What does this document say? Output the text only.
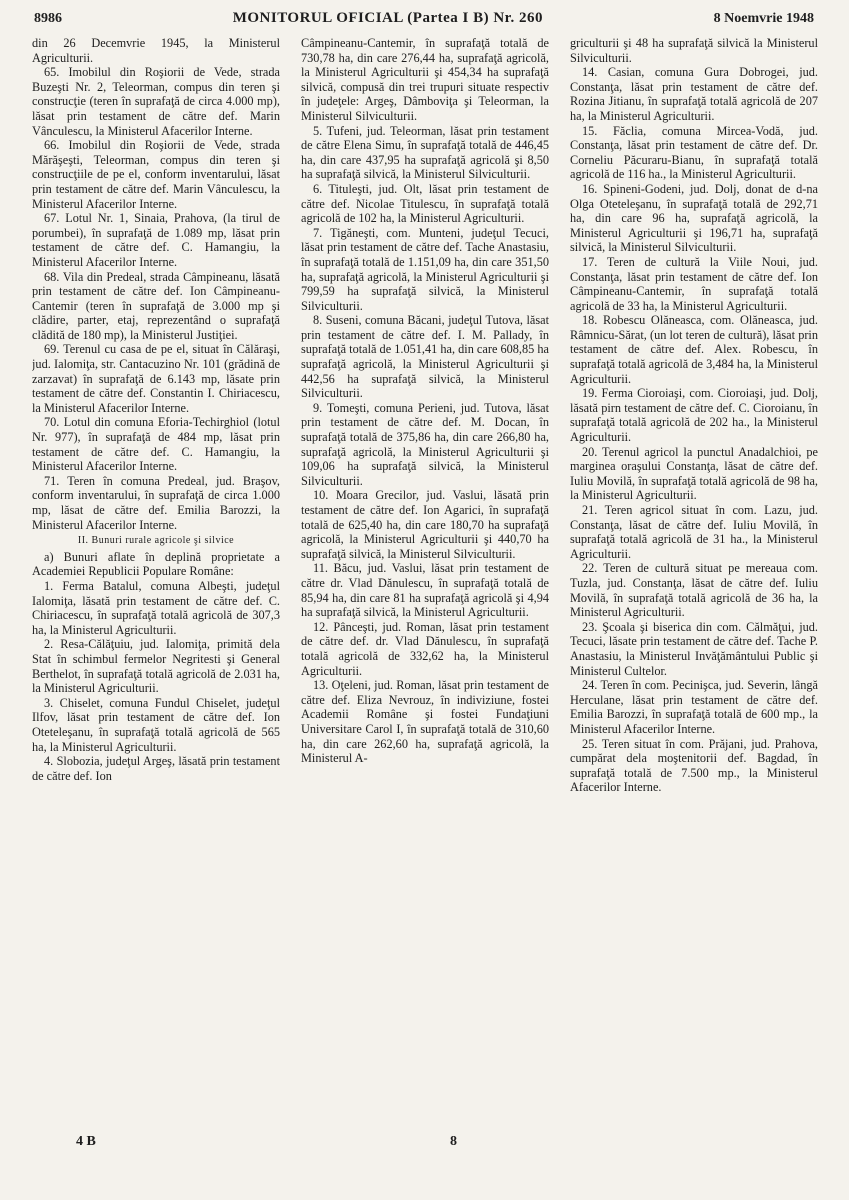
8986	MONITORUL OFICIAL (Partea I B) Nr. 260	8 Noemvrie 1948

din 26 Decemvrie 1945, la Ministerul Agriculturii.

65. Imobilul din Roşiorii de Vede, strada Buzeşti Nr. 2, Teleorman, compus din teren şi construcţie (teren în suprafaţă de circa 4.000 mp), lăsat prin testament de către def. Marin Vânculescu, la Ministerul Afacerilor Interne.

66. Imobilul din Roşiorii de Vede, strada Mărăşeşti, Teleorman, compus din teren şi construcţiile de pe el, conform inventarului, lăsat prin testament de către def. Marin Vânculescu, la Ministerul Afacerilor Interne.

67. Lotul Nr. 1, Sinaia, Prahova, (la tirul de porumbei), în suprafaţă de 1.089 mp, lăsat prin testament de către def. C. Hamangiu, la Ministerul Afacerilor Interne.

68. Vila din Predeal, strada Câmpineanu, lăsată prin testament de către def. Ion Câmpineanu-Cantemir (teren în suprafaţă de 3.000 mp şi clădire, parter, etaj, reprezentând o suprafaţă clădită de 180 mp), la Ministerul Justiţiei.

69. Terenul cu casa de pe el, situat în Călăraşi, jud. Ialomiţa, str. Cantacuzino Nr. 101 (grădină de zarzavat) în suprafaţă de 6.143 mp, lăsate prin testament de către def. Constantin I. Chiriacescu, la Ministerul Afacerilor Interne.

70. Lotul din comuna Eforia-Techirghiol (lotul Nr. 977), în suprafaţă de 484 mp, lăsat prin testament de către def. C. Hamangiu, la Ministerul Afacerilor Interne.

71. Teren în comuna Predeal, jud. Braşov, conform inventarului, în suprafaţă de circa 1.000 mp, lăsat de către def. Emilia Barozzi, la Ministerul Afacerilor Interne.

II. Bunuri rurale agricole şi silvice

a) Bunuri aflate în deplină proprietate a Academiei Republicii Populare Române:

1. Ferma Batalul, comuna Albeşti, judeţul Ialomiţa, lăsată prin testament de către def. C. Chiriacescu, în suprafaţă totală agricolă de 307,3 ha, la Ministerul Agriculturii.

2. Resa-Călăţuiu, jud. Ialomiţa, primită dela Stat în schimbul fermelor Negritesti şi General Berthelot, în suprafaţă totală agricolă de 2.031 ha, la Ministerul Agriculturii.

3. Chiselet, comuna Fundul Chiselet, judeţul Ilfov, lăsat prin testament de către def. Ion Oteteleşanu, în suprafaţă totală agricolă de 565 ha, la Ministerul Agriculturii.

4. Slobozia, judeţul Argeş, lăsată prin testament de către def. Ion

Câmpineanu-Cantemir, în suprafaţă totală de 730,78 ha, din care 276,44 ha, suprafaţă agricolă, la Ministerul Agriculturii şi 454,34 ha suprafaţă silvică, compusă din trei trupuri situate respectiv în judeţele: Argeş, Dâmboviţa şi Teleorman, la Ministerul Silviculturii.

5. Tufeni, jud. Teleorman, lăsat prin testament de către Elena Simu, în suprafaţă totală de 446,45 ha, din care 437,95 ha suprafaţă agricolă şi 8,50 ha suprafaţă silvică, la Ministerul Silviculturii.

6. Tituleşti, jud. Olt, lăsat prin testament de către def. Nicolae Titulescu, în suprafaţă totală agricolă de 102 ha, la Ministerul Agriculturii.

7. Tigăneşti, com. Munteni, judeţul Tecuci, lăsat prin testament de către def. Tache Anastasiu, în suprafaţă totală de 1.151,09 ha, din care 351,50 ha, suprafaţă agricolă, la Ministerul Agriculturii şi 799,59 ha suprafaţă silvică, la Ministerul Silviculturii.

8. Suseni, comuna Băcani, judeţul Tutova, lăsat prin testament de către def. I. M. Pallady, în suprafaţă totală de 1.051,41 ha, din care 608,85 ha suprafaţă agricolă, la Ministerul Agriculturii şi 442,56 ha suprafaţă silvică, la Ministerul Silviculturii.

9. Tomeşti, comuna Perieni, jud. Tutova, lăsat prin testament de către def. M. Docan, în suprafaţă totală de 375,86 ha, din care 266,80 ha, suprafaţă agricolă, la Ministerul Agriculturii şi 109,06 ha suprafaţă silvică, la Ministerul Silviculturii.

10. Moara Grecilor, jud. Vaslui, lăsată prin testament de către def. Ion Agarici, în suprafaţă totală de 625,40 ha, din care 180,70 ha suprafaţă agricolă, la Ministerul Agriculturii şi 440,70 ha suprafaţă silvică, la Ministerul Silviculturii.

11. Băcu, jud. Vaslui, lăsat prin testament de către dr. Vlad Dănulescu, în suprafaţă totală de 85,94 ha, din care 81 ha suprafaţă agricolă şi 4,94 ha suprafaţă silvică, la Ministerul Agriculturii.

12. Pânceşti, jud. Roman, lăsat prin testament de către def. dr. Vlad Dănulescu, în suprafaţă totală agricolă de 332,62 ha, la Ministerul Agriculturii.

13. Oţeleni, jud. Roman, lăsat prin testament de către def. Eliza Nevrouz, în indiviziune, fostei Academii Române şi fostei Fundaţiuni Universitare Carol I, în suprafaţă totală de 310,60 ha, din care 262,60 ha, suprafaţă agricolă, la Ministerul A-

griculturii şi 48 ha suprafaţă silvică la Ministerul Silviculturii.

14. Casian, comuna Gura Dobrogei, jud. Constanţa, lăsat prin testament de către def. Rozina Jitianu, în suprafaţă totală agricolă de 207 ha, la Ministerul Agriculturii.

15. Făclia, comuna Mircea-Vodă, jud. Constanţa, lăsat prin testament de către def. Dr. Corneliu Păcuraru-Bianu, în suprafaţă totală agricolă de 116 ha., la Ministerul Agriculturii.

16. Spineni-Godeni, jud. Dolj, donat de d-na Olga Oteteleşanu, în suprafaţă totală de 292,71 ha, din care 96 ha, suprafaţă agricolă, la Ministerul Agriculturii şi 196,71 ha, suprafaţă silvică, la Ministerul Silviculturii.

17. Teren de cultură la Viile Noui, jud. Constanţa, lăsat prin testament de către def. Ion Câmpineanu-Cantemir, în suprafaţă totală agricolă de 33 ha, la Ministerul Agriculturii.

18. Robescu Olăneasca, com. Olăneasca, jud. Râmnicu-Sărat, (un lot teren de cultură), lăsat prin testament de către def. Alex. Robescu, în suprafaţă totală agricolă de 3,484 ha, la Ministerul Agriculturii.

19. Ferma Cioroiaşi, com. Cioroiaşi, jud. Dolj, lăsată pirn testament de către def. C. Cioroianu, în suprafaţă totală agricolă de 202 ha., la Ministerul Agriculturii.

20. Terenul agricol la punctul Anadalchioi, pe marginea oraşului Constanţa, lăsat de către def. Iuliu Movilă, în suprafaţă totală agricolă de 98 ha, la Ministerul Agriculturii.

21. Teren agricol situat în com. Lazu, jud. Constanţa, lăsat de către def. Iuliu Movilă, în suprafaţă totală agricolă de 31 ha., la Ministerul Agriculturii.

22. Teren de cultură situat pe mereaua com. Tuzla, jud. Constanţa, lăsat de către def. Iuliu Movilă, în suprafaţă totală agricolă de 36 ha, la Ministerul Agriculturii.

23. Şcoala şi biserica din com. Călmăţui, jud. Tecuci, lăsate prin testament de către def. Tache P. Anastasiu, la Ministerul Invăţământului Public şi Ministerul Cultelor.

24. Teren în com. Pecinişca, jud. Severin, lângă Herculane, lăsat prin testament de către def. Emilia Barozzi, în suprafaţă totală de 600 mp., la Ministerul Afacerilor Interne.

25. Teren situat în com. Prăjani, jud. Prahova, cumpărat dela moştenitorii def. Bagdad, în suprafaţă totală de 7.500 mp., la Ministerul Afacerilor Interne.

4 B	8
